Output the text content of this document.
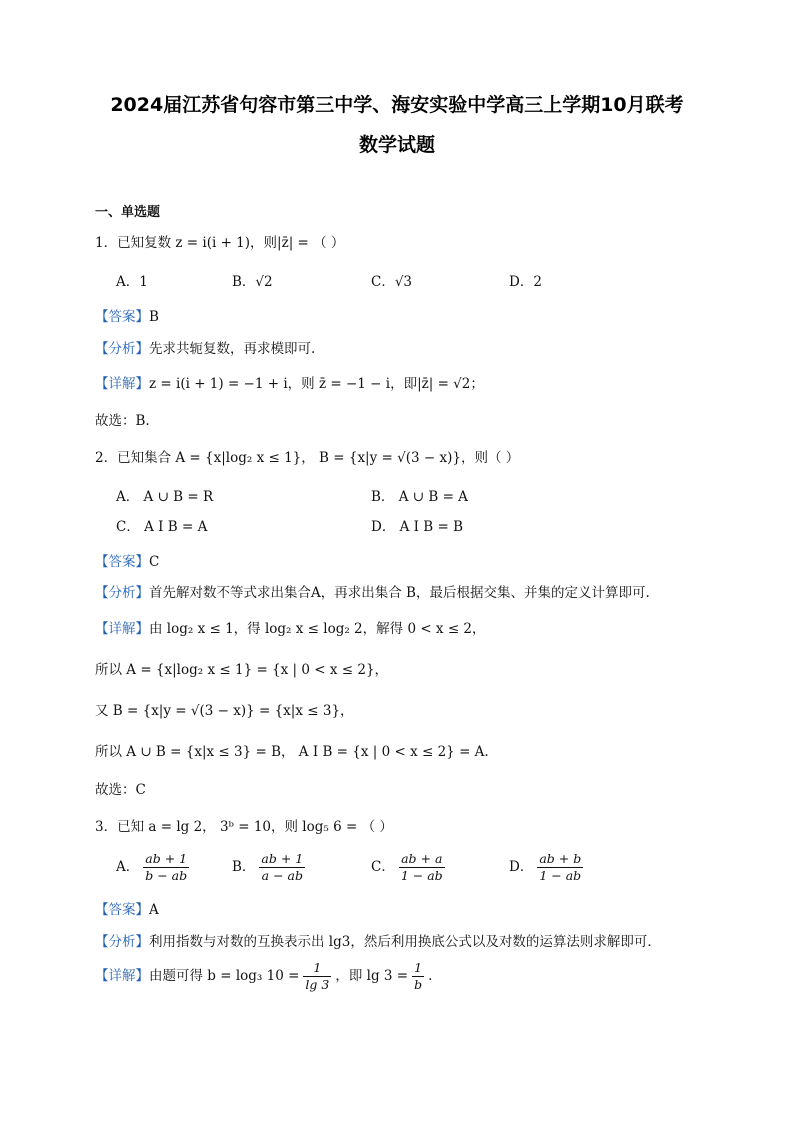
2024届江苏省句容市第三中学、海安实验中学高三上学期10月联考
数学试题
一、单选题
1．已知复数 z = i(i + 1)，则|z̄| = （ ）
A．1	B．√2	C．√3	D．2
【答案】B
【分析】先求共轭复数，再求模即可.
【详解】z = i(i + 1) = −1 + i，则 z̄ = −1 − i，即|z̄| = √2；
故选：B.
2．已知集合 A = {x|log₂ x ≤ 1}， B = {x|y = √(3 − x)}，则（ ）
A． A ∪ B = R	B． A ∪ B = A
C． A I B = A	D． A I B = B
【答案】C
【分析】首先解对数不等式求出集合A，再求出集合 B，最后根据交集、并集的定义计算即可.
【详解】由 log₂ x ≤ 1，得 log₂ x ≤ log₂ 2，解得 0 < x ≤ 2，
所以 A = {x|log₂ x ≤ 1} = {x | 0 < x ≤ 2}，
又 B = {x|y = √(3 − x)} = {x|x ≤ 3}，
所以 A ∪ B = {x|x ≤ 3} = B， A I B = {x | 0 < x ≤ 2} = A.
故选：C
3．已知 a = lg 2， 3ᵇ = 10，则 log₅ 6 = （ ）
A． $\frac{ab + 1}{b - ab}$	B． $\frac{ab + 1}{a - ab}$	C． $\frac{ab + a}{1 - ab}$	D． $\frac{ab + b}{1 - ab}$
【答案】A
【分析】利用指数与对数的互换表示出 lg3，然后利用换底公式以及对数的运算法则求解即可．
【详解】由题可得 b = log₃ $10 = \frac{1}{\lg 3}$ ，即 $\lg 3 = \frac{1}{b}$ .
